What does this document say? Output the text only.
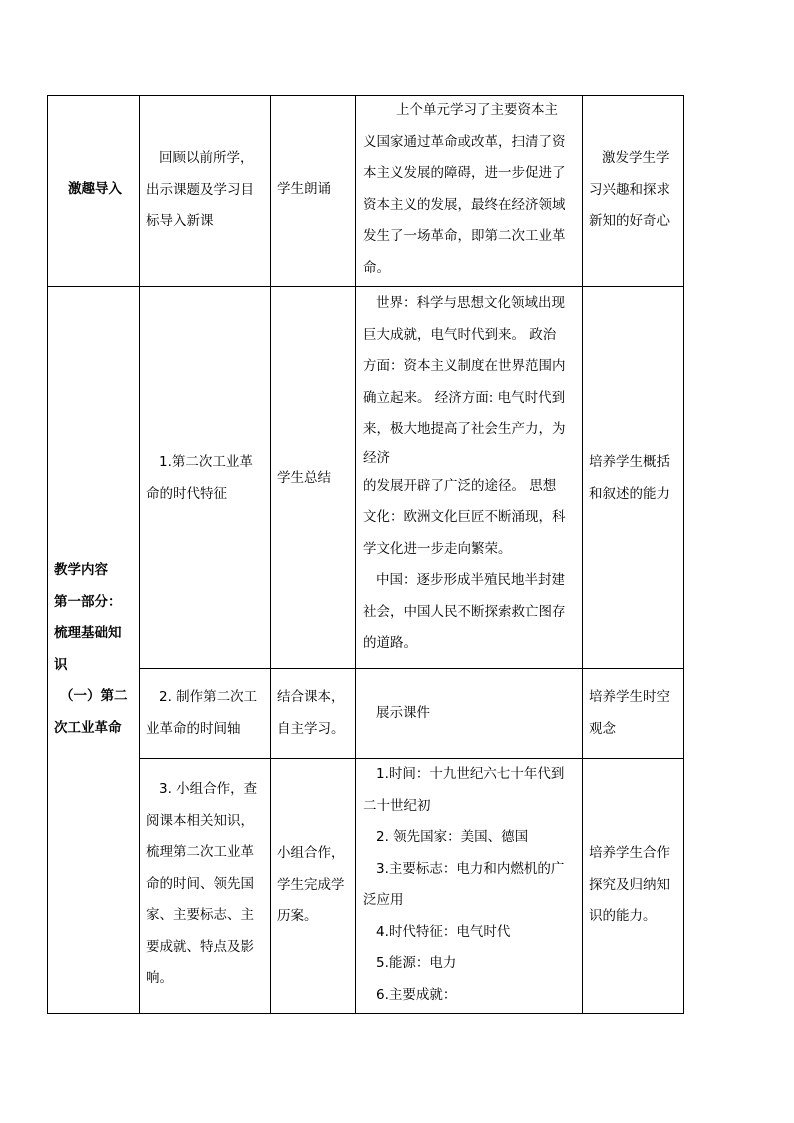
激趣导入
回顾以前所学，
出示课题及学习目
标导入新课
学生朗诵
上个单元学习了主要资本主
义国家通过革命或改革，扫清了资
本主义发展的障碍，进一步促进了
资本主义的发展，最终在经济领域
发生了一场革命，即第二次工业革
命。
激发学生学
习兴趣和探求
新知的好奇心
教学内容
第一部分：
梳理基础知
识
（一）第二
次工业革命
1.第二次工业革
命的时代特征
学生总结
世界：科学与思想文化领域出现
巨大成就，电气时代到来。 政治
方面：资本主义制度在世界范围内
确立起来。 经济方面: 电气时代到
来，极大地提高了社会生产力，为
经济
的发展开辟了广泛的途径。 思想
文化：欧洲文化巨匠不断涌现，科
学文化进一步走向繁荣。
中国：逐步形成半殖民地半封建
社会，中国人民不断探索救亡图存
的道路。
培养学生概括
和叙述的能力
2. 制作第二次工
业革命的时间轴
结合课本，
自主学习。
展示课件
培养学生时空
观念
3. 小组合作，查
阅课本相关知识，
梳理第二次工业革
命的时间、领先国
家、主要标志、主
要成就、特点及影
响。
小组合作，
学生完成学
历案。
1.时间：十九世纪六七十年代到
二十世纪初
2. 领先国家：美国、德国
3.主要标志：电力和内燃机的广
泛应用
4.时代特征：电气时代
5.能源：电力
6.主要成就：
培养学生合作
探究及归纳知
识的能力。
